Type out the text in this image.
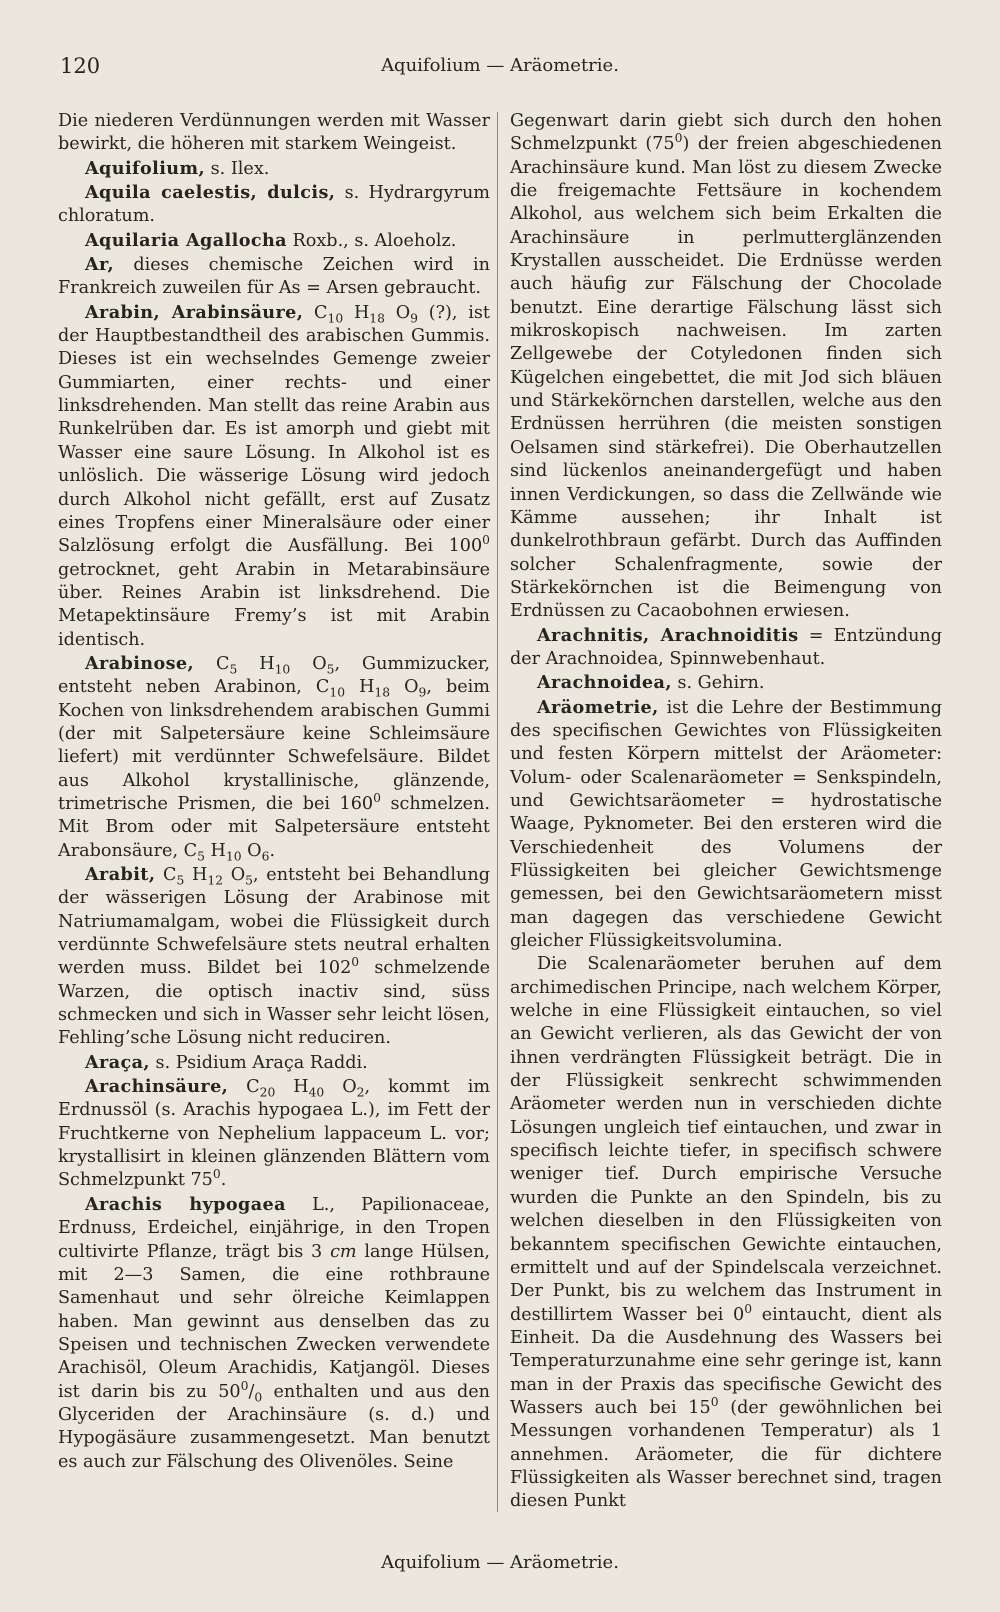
120	Aquifolium — Aräometrie.

Die niederen Verdünnungen werden mit Wasser bewirkt, die höheren mit starkem Weingeist.

Aquifolium, s. Ilex.

Aquila caelestis, dulcis, s. Hydrargyrum chloratum.

Aquilaria Agallocha Roxb., s. Aloeholz.

Ar, dieses chemische Zeichen wird in Frankreich zuweilen für As = Arsen gebraucht.

Arabin, Arabinsäure, $C_{10}$ $H_{18}$ $O_9$ (?), ist der Hauptbestandtheil des arabischen Gummis. Dieses ist ein wechselndes Gemenge zweier Gummiarten, einer rechts- und einer linksdrehenden. Man stellt das reine Arabin aus Runkelrüben dar. Es ist amorph und giebt mit Wasser eine saure Lösung. In Alkohol ist es unlöslich. Die wässerige Lösung wird jedoch durch Alkohol nicht gefällt, erst auf Zusatz eines Tropfens einer Mineralsäure oder einer Salzlösung erfolgt die Ausfällung. Bei $100^0$ getrocknet, geht Arabin in Metarabinsäure über. Reines Arabin ist linksdrehend. Die Metapektinsäure Fremy’s ist mit Arabin identisch.

Arabinose, $C_5$ $H_{10}$ $O_5$, Gummizucker, entsteht neben Arabinon, $C_{10}$ $H_{18}$ $O_9$, beim Kochen von linksdrehendem arabischen Gummi (der mit Salpetersäure keine Schleimsäure liefert) mit verdünnter Schwefelsäure. Bildet aus Alkohol krystallinische, glänzende, trimetrische Prismen, die bei $160^0$ schmelzen. Mit Brom oder mit Salpetersäure entsteht Arabonsäure, $C_5$ $H_{10}$ $O_6$.

Arabit, $C_5$ $H_{12}$ $O_5$, entsteht bei Behandlung der wässerigen Lösung der Arabinose mit Natriumamalgam, wobei die Flüssigkeit durch verdünnte Schwefelsäure stets neutral erhalten werden muss. Bildet bei $102^0$ schmelzende Warzen, die optisch inactiv sind, süss schmecken und sich in Wasser sehr leicht lösen, Fehling’sche Lösung nicht reduciren.

Araça, s. Psidium Araça Raddi.

Arachinsäure, $C_{20}$ $H_{40}$ $O_2$, kommt im Erdnussöl (s. Arachis hypogaea L.), im Fett der Fruchtkerne von Nephelium lappaceum L. vor; krystallisirt in kleinen glänzenden Blättern vom Schmelzpunkt $75^0$.

Arachis hypogaea L., Papilionaceae, Erdnuss, Erdeichel, einjährige, in den Tropen cultivirte Pflanze, trägt bis 3 cm lange Hülsen, mit 2—3 Samen, die eine rothbraune Samenhaut und sehr ölreiche Keimlappen haben. Man gewinnt aus denselben das zu Speisen und technischen Zwecken verwendete Arachisöl, Oleum Arachidis, Katjangöl. Dieses ist darin bis zu $50^0/_0$ enthalten und aus den Glyceriden der Arachinsäure (s. d.) und Hypogäsäure zusammengesetzt. Man benutzt es auch zur Fälschung des Olivenöles. Seine

Gegenwart darin giebt sich durch den hohen Schmelzpunkt $(75^0)$ der freien abgeschiedenen Arachinsäure kund. Man löst zu diesem Zwecke die freigemachte Fettsäure in kochendem Alkohol, aus welchem sich beim Erkalten die Arachinsäure in perlmutterglänzenden Krystallen ausscheidet. Die Erdnüsse werden auch häufig zur Fälschung der Chocolade benutzt. Eine derartige Fälschung lässt sich mikroskopisch nachweisen. Im zarten Zellgewebe der Cotyledonen finden sich Kügelchen eingebettet, die mit Jod sich bläuen und Stärkekörnchen darstellen, welche aus den Erdnüssen herrühren (die meisten sonstigen Oelsamen sind stärkefrei). Die Oberhautzellen sind lückenlos aneinandergefügt und haben innen Verdickungen, so dass die Zellwände wie Kämme aussehen; ihr Inhalt ist dunkelrothbraun gefärbt. Durch das Auffinden solcher Schalenfragmente, sowie der Stärkekörnchen ist die Beimengung von Erdnüssen zu Cacaobohnen erwiesen.

Arachnitis, Arachnoiditis = Entzündung der Arachnoidea, Spinnwebenhaut.

Arachnoidea, s. Gehirn.

Aräometrie, ist die Lehre der Bestimmung des specifischen Gewichtes von Flüssigkeiten und festen Körpern mittelst der Aräometer: Volum- oder Scalenaräometer = Senkspindeln, und Gewichtsaräometer = hydrostatische Waage, Pyknometer. Bei den ersteren wird die Verschiedenheit des Volumens der Flüssigkeiten bei gleicher Gewichtsmenge gemessen, bei den Gewichtsaräometern misst man dagegen das verschiedene Gewicht gleicher Flüssigkeitsvolumina.

Die Scalenaräometer beruhen auf dem archimedischen Principe, nach welchem Körper, welche in eine Flüssigkeit eintauchen, so viel an Gewicht verlieren, als das Gewicht der von ihnen verdrängten Flüssigkeit beträgt. Die in der Flüssigkeit senkrecht schwimmenden Aräometer werden nun in verschieden dichte Lösungen ungleich tief eintauchen, und zwar in specifisch leichte tiefer, in specifisch schwere weniger tief. Durch empirische Versuche wurden die Punkte an den Spindeln, bis zu welchen dieselben in den Flüssigkeiten von bekanntem specifischen Gewichte eintauchen, ermittelt und auf der Spindelscala verzeichnet. Der Punkt, bis zu welchem das Instrument in destillirtem Wasser bei $0^0$ eintaucht, dient als Einheit. Da die Ausdehnung des Wassers bei Temperaturzunahme eine sehr geringe ist, kann man in der Praxis das specifische Gewicht des Wassers auch bei $15^0$ (der gewöhnlichen bei Messungen vorhandenen Temperatur) als 1 annehmen. Aräometer, die für dichtere Flüssigkeiten als Wasser berechnet sind, tragen diesen Punkt

Aquifolium — Aräometrie.
